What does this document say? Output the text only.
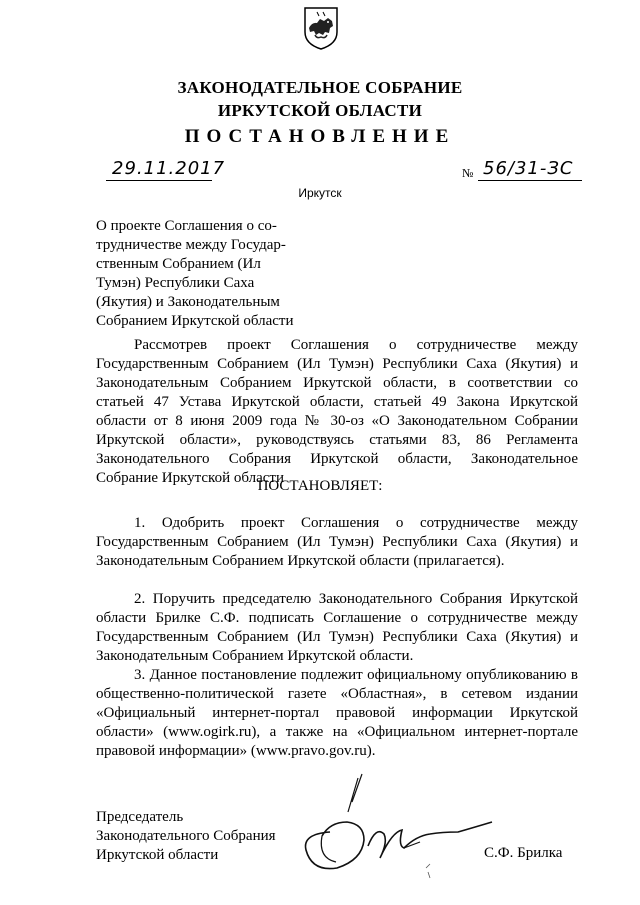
ЗАКОНОДАТЕЛЬНОЕ СОБРАНИЕ
ИРКУТСКОЙ ОБЛАСТИ
ПОСТАНОВЛЕНИЕ
29.11.2017	№ 56/31-ЗС
Иркутск
О проекте Соглашения о со-
трудничестве между Государ-
ственным Собранием (Ил
Тумэн) Республики Саха
(Якутия) и Законодательным
Собранием Иркутской области
Рассмотрев проект Соглашения о сотрудничестве между Государственным Собранием (Ил Тумэн) Республики Саха (Якутия) и Законодательным Собранием Иркутской области, в соответствии со статьей 47 Устава Иркутской области, статьей 49 Закона Иркутской области от 8 июня 2009 года № 30-оз «О Законодательном Собрании Иркутской области», руководствуясь статьями 83, 86 Регламента Законодательного Собрания Иркутской области, Законодательное Собрание Иркутской области
ПОСТАНОВЛЯЕТ:
1. Одобрить проект Соглашения о сотрудничестве между Государственным Собранием (Ил Тумэн) Республики Саха (Якутия) и Законодательным Собранием Иркутской области (прилагается).
2. Поручить председателю Законодательного Собрания Иркутской области Брилке С.Ф. подписать Соглашение о сотрудничестве между Государственным Собранием (Ил Тумэн) Республики Саха (Якутия) и Законодательным Собранием Иркутской области.
3. Данное постановление подлежит официальному опубликованию в общественно-политической газете «Областная», в сетевом издании «Официальный интернет-портал правовой информации Иркутской области» (www.ogirk.ru), а также на «Официальном интернет-портале правовой информации» (www.pravo.gov.ru).
Председатель
Законодательного Собрания
Иркутской области	С.Ф. Брилка
